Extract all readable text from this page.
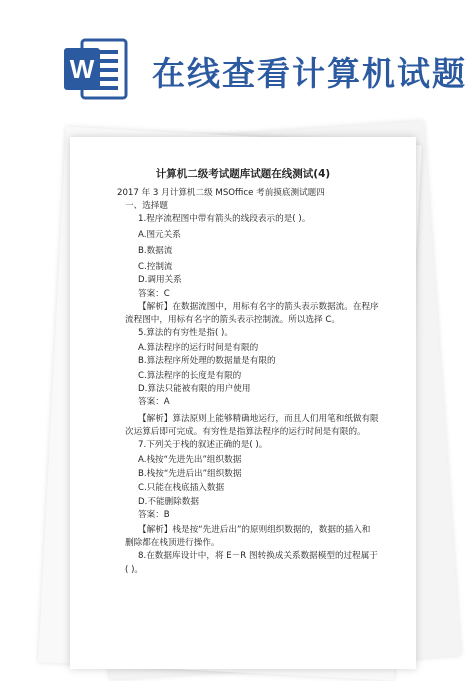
W 在线查看计算机试题
计算机二级考试题库试题在线测试(4)
2017 年 3 月计算机二级 MSOffice 考前摸底测试题四
一、选择题
1.程序流程图中带有箭头的线段表示的是( )。
A.图元关系
B.数据流
C.控制流
D.调用关系
答案：C
【解析】在数据流图中，用标有名字的箭头表示数据流。在程序
流程图中，用标有名字的箭头表示控制流。所以选择 C。
5.算法的有穷性是指( )。
A.算法程序的运行时间是有限的
B.算法程序所处理的数据量是有限的
C.算法程序的长度是有限的
D.算法只能被有限的用户使用
答案：A
【解析】算法原则上能够精确地运行，而且人们用笔和纸做有限
次运算后即可完成。有穷性是指算法程序的运行时间是有限的。
7.下列关于栈的叙述正确的是( )。
A.栈按“先进先出”组织数据
B.栈按“先进后出”组织数据
C.只能在栈底插入数据
D.不能删除数据
答案：B
【解析】栈是按“先进后出”的原则组织数据的，数据的插入和
删除都在栈顶进行操作。
8.在数据库设计中，将 E－R 图转换成关系数据模型的过程属于
( )。
